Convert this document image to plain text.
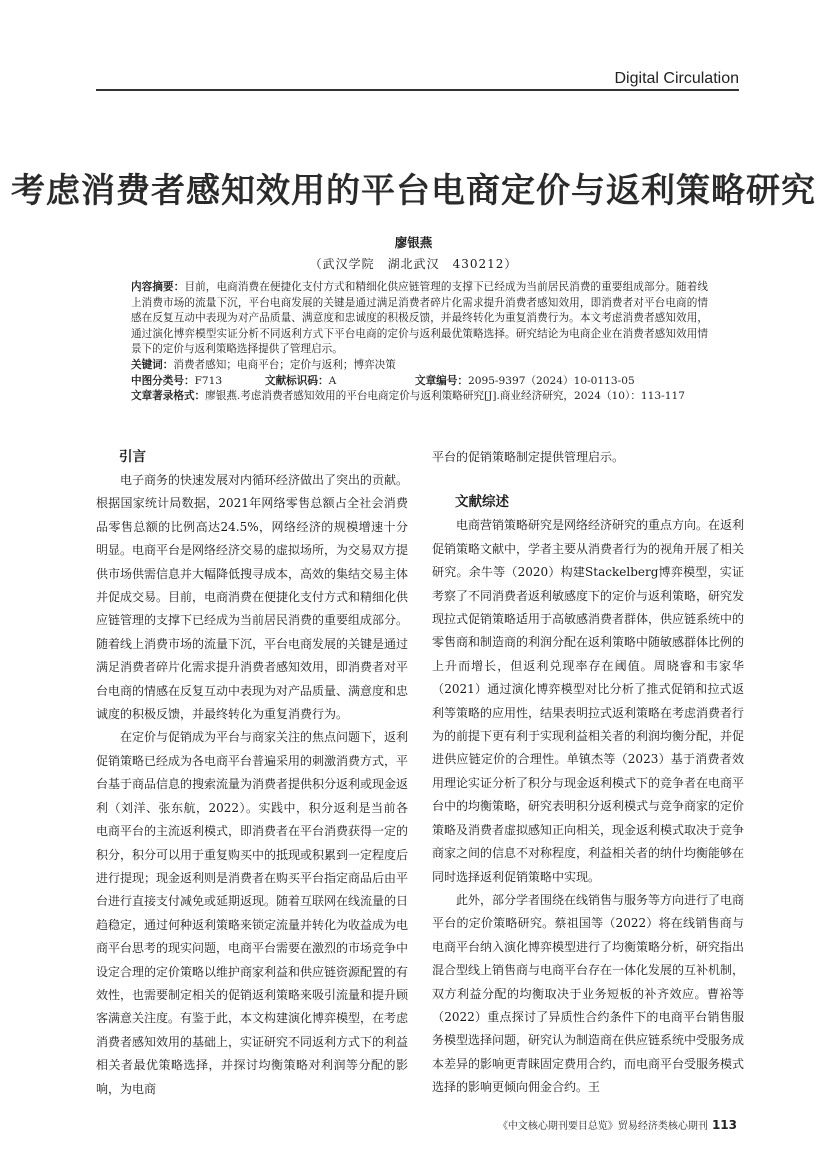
Digital Circulation
考虑消费者感知效用的平台电商定价与返利策略研究
廖银燕
（武汉学院　湖北武汉　430212）

内容摘要：目前，电商消费在便捷化支付方式和精细化供应链管理的支撑下已经成为当前居民消费的重要组成部分。随着线上消费市场的流量下沉，平台电商发展的关键是通过满足消费者碎片化需求提升消费者感知效用，即消费者对平台电商的情感在反复互动中表现为对产品质量、满意度和忠诚度的积极反馈，并最终转化为重复消费行为。本文考虑消费者感知效用，通过演化博弈模型实证分析不同返利方式下平台电商的定价与返利最优策略选择。研究结论为电商企业在消费者感知效用情景下的定价与返利策略选择提供了管理启示。

关键词：消费者感知；电商平台；定价与返利；博弈决策

中图分类号：F713	文献标识码：A	文章编号：2095-9397（2024）10-0113-05

文章著录格式：廖银燕.考虑消费者感知效用的平台电商定价与返利策略研究[J].商业经济研究，2024（10）：113-117

引言

电子商务的快速发展对内循环经济做出了突出的贡献。根据国家统计局数据，2021年网络零售总额占全社会消费品零售总额的比例高达24.5%，网络经济的规模增速十分明显。电商平台是网络经济交易的虚拟场所，为交易双方提供市场供需信息并大幅降低搜寻成本，高效的集结交易主体并促成交易。目前，电商消费在便捷化支付方式和精细化供应链管理的支撑下已经成为当前居民消费的重要组成部分。随着线上消费市场的流量下沉，平台电商发展的关键是通过满足消费者碎片化需求提升消费者感知效用，即消费者对平台电商的情感在反复互动中表现为对产品质量、满意度和忠诚度的积极反馈，并最终转化为重复消费行为。

在定价与促销成为平台与商家关注的焦点问题下，返利促销策略已经成为各电商平台普遍采用的刺激消费方式，平台基于商品信息的搜索流量为消费者提供积分返利或现金返利（刘洋、张东航，2022）。实践中，积分返利是当前各电商平台的主流返利模式，即消费者在平台消费获得一定的积分，积分可以用于重复购买中的抵现或积累到一定程度后进行提现；现金返利则是消费者在购买平台指定商品后由平台进行直接支付减免或延期返现。随着互联网在线流量的日趋稳定，通过何种返利策略来锁定流量并转化为收益成为电商平台思考的现实问题，电商平台需要在激烈的市场竞争中设定合理的定价策略以维护商家利益和供应链资源配置的有效性，也需要制定相关的促销返利策略来吸引流量和提升顾客满意关注度。有鉴于此，本文构建演化博弈模型，在考虑消费者感知效用的基础上，实证研究不同返利方式下的利益相关者最优策略选择，并探讨均衡策略对利润等分配的影响，为电商

平台的促销策略制定提供管理启示。

文献综述

电商营销策略研究是网络经济研究的重点方向。在返利促销策略文献中，学者主要从消费者行为的视角开展了相关研究。余牛等（2020）构建Stackelberg博弈模型，实证考察了不同消费者返利敏感度下的定价与返利策略，研究发现拉式促销策略适用于高敏感消费者群体，供应链系统中的零售商和制造商的利润分配在返利策略中随敏感群体比例的上升而增长，但返利兑现率存在阈值。周晓睿和韦家华（2021）通过演化博弈模型对比分析了推式促销和拉式返利等策略的应用性，结果表明拉式返利策略在考虑消费者行为的前提下更有利于实现利益相关者的利润均衡分配，并促进供应链定价的合理性。单镇杰等（2023）基于消费者效用理论实证分析了积分与现金返利模式下的竞争者在电商平台中的均衡策略，研究表明积分返利模式与竞争商家的定价策略及消费者虚拟感知正向相关，现金返利模式取决于竞争商家之间的信息不对称程度，利益相关者的纳什均衡能够在同时选择返利促销策略中实现。

此外，部分学者围绕在线销售与服务等方向进行了电商平台的定价策略研究。蔡祖国等（2022）将在线销售商与电商平台纳入演化博弈模型进行了均衡策略分析，研究指出混合型线上销售商与电商平台存在一体化发展的互补机制，双方利益分配的均衡取决于业务短板的补齐效应。曹裕等（2022）重点探讨了异质性合约条件下的电商平台销售服务模型选择问题，研究认为制造商在供应链系统中受服务成本差异的影响更青睐固定费用合约，而电商平台受服务模式选择的影响更倾向佣金合约。王

《中文核心期刊要目总览》贸易经济类核心期刊 113
